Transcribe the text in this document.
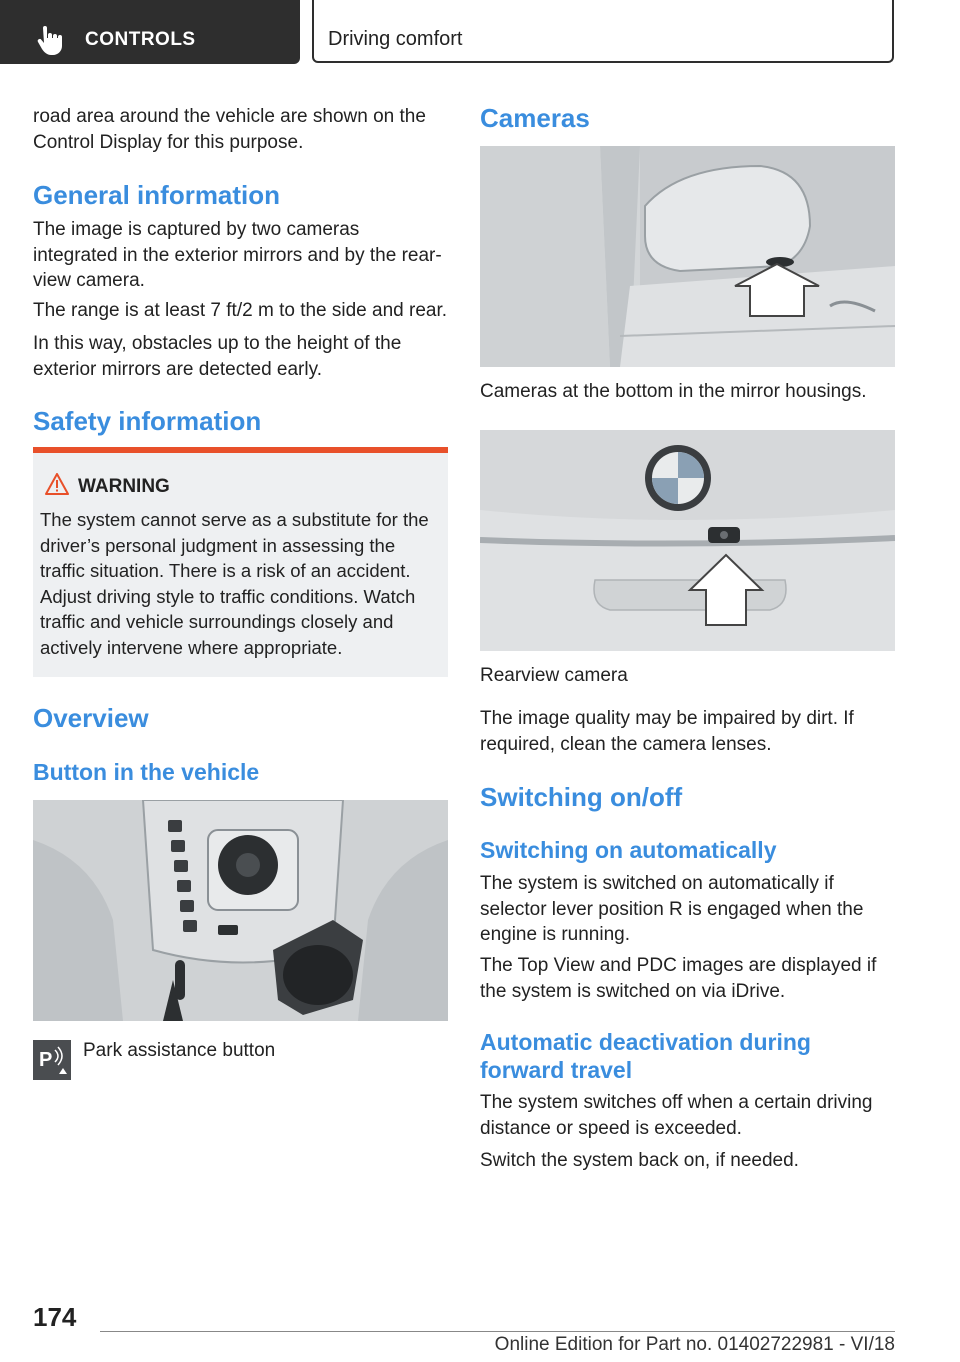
CONTROLS	Driving comfort

road area around the vehicle are shown on the Control Display for this purpose.

General information

The image is captured by two cameras integrated in the exterior mirrors and by the rear-view camera.

The range is at least 7 ft/2 m to the side and rear.

In this way, obstacles up to the height of the exterior mirrors are detected early.

Safety information
WARNING
The system cannot serve as a substitute for the driver’s personal judgment in assessing the traffic situation. There is a risk of an accident. Adjust driving style to traffic conditions. Watch traffic and vehicle surroundings closely and actively intervene where appropriate.
Overview
Button in the vehicle
P Park assistance button

Cameras

Cameras at the bottom in the mirror housings.

Rearview camera

The image quality may be impaired by dirt. If required, clean the camera lenses.

Switching on/off
Switching on automatically

The system is switched on automatically if selector lever position R is engaged when the engine is running.

The Top View and PDC images are displayed if the system is switched on via iDrive.

Automatic deactivation during forward travel

The system switches off when a certain driving distance or speed is exceeded.

Switch the system back on, if needed.

174
Online Edition for Part no. 01402722981 - VI/18
